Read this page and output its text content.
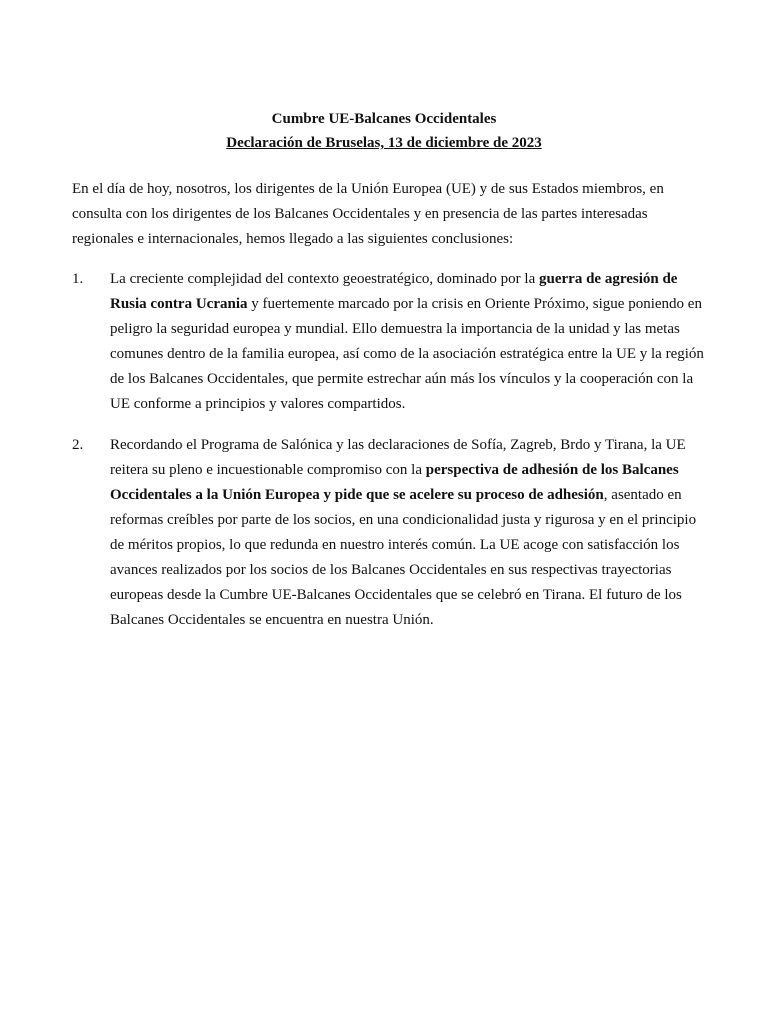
Cumbre UE-Balcanes Occidentales
Declaración de Bruselas, 13 de diciembre de 2023
En el día de hoy, nosotros, los dirigentes de la Unión Europea (UE) y de sus Estados miembros, en consulta con los dirigentes de los Balcanes Occidentales y en presencia de las partes interesadas regionales e internacionales, hemos llegado a las siguientes conclusiones:
1.	La creciente complejidad del contexto geoestratégico, dominado por la guerra de agresión de Rusia contra Ucrania y fuertemente marcado por la crisis en Oriente Próximo, sigue poniendo en peligro la seguridad europea y mundial. Ello demuestra la importancia de la unidad y las metas comunes dentro de la familia europea, así como de la asociación estratégica entre la UE y la región de los Balcanes Occidentales, que permite estrechar aún más los vínculos y la cooperación con la UE conforme a principios y valores compartidos.
2.	Recordando el Programa de Salónica y las declaraciones de Sofía, Zagreb, Brdo y Tirana, la UE reitera su pleno e incuestionable compromiso con la perspectiva de adhesión de los Balcanes Occidentales a la Unión Europea y pide que se acelere su proceso de adhesión, asentado en reformas creíbles por parte de los socios, en una condicionalidad justa y rigurosa y en el principio de méritos propios, lo que redunda en nuestro interés común. La UE acoge con satisfacción los avances realizados por los socios de los Balcanes Occidentales en sus respectivas trayectorias europeas desde la Cumbre UE-Balcanes Occidentales que se celebró en Tirana. El futuro de los Balcanes Occidentales se encuentra en nuestra Unión.
